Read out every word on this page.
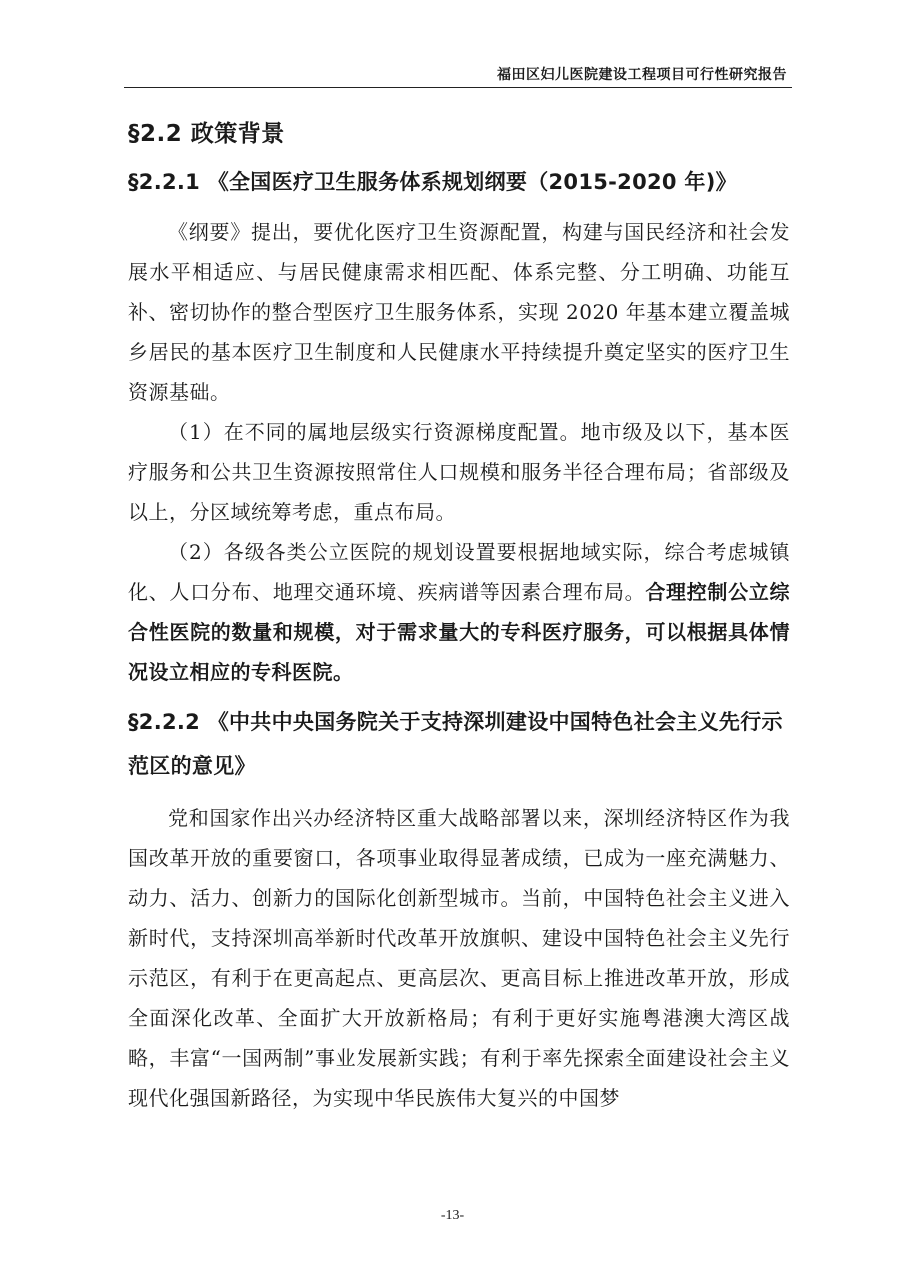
福田区妇儿医院建设工程项目可行性研究报告
§2.2 政策背景
§2.2.1 《全国医疗卫生服务体系规划纲要（2015-2020 年)》

《纲要》提出，要优化医疗卫生资源配置，构建与国民经济和社会发展水平相适应、与居民健康需求相匹配、体系完整、分工明确、功能互补、密切协作的整合型医疗卫生服务体系，实现 2020 年基本建立覆盖城乡居民的基本医疗卫生制度和人民健康水平持续提升奠定坚实的医疗卫生资源基础。

（1）在不同的属地层级实行资源梯度配置。地市级及以下，基本医疗服务和公共卫生资源按照常住人口规模和服务半径合理布局；省部级及以上，分区域统筹考虑，重点布局。

（2）各级各类公立医院的规划设置要根据地域实际，综合考虑城镇化、人口分布、地理交通环境、疾病谱等因素合理布局。合理控制公立综合性医院的数量和规模，对于需求量大的专科医疗服务，可以根据具体情况设立相应的专科医院。

§2.2.2 《中共中央国务院关于支持深圳建设中国特色社会主义先行示范区的意见》

党和国家作出兴办经济特区重大战略部署以来，深圳经济特区作为我国改革开放的重要窗口，各项事业取得显著成绩，已成为一座充满魅力、动力、活力、创新力的国际化创新型城市。当前，中国特色社会主义进入新时代，支持深圳高举新时代改革开放旗帜、建设中国特色社会主义先行示范区，有利于在更高起点、更高层次、更高目标上推进改革开放，形成全面深化改革、全面扩大开放新格局；有利于更好实施粤港澳大湾区战略，丰富“一国两制”事业发展新实践；有利于率先探索全面建设社会主义现代化强国新路径，为实现中华民族伟大复兴的中国梦

-13-
